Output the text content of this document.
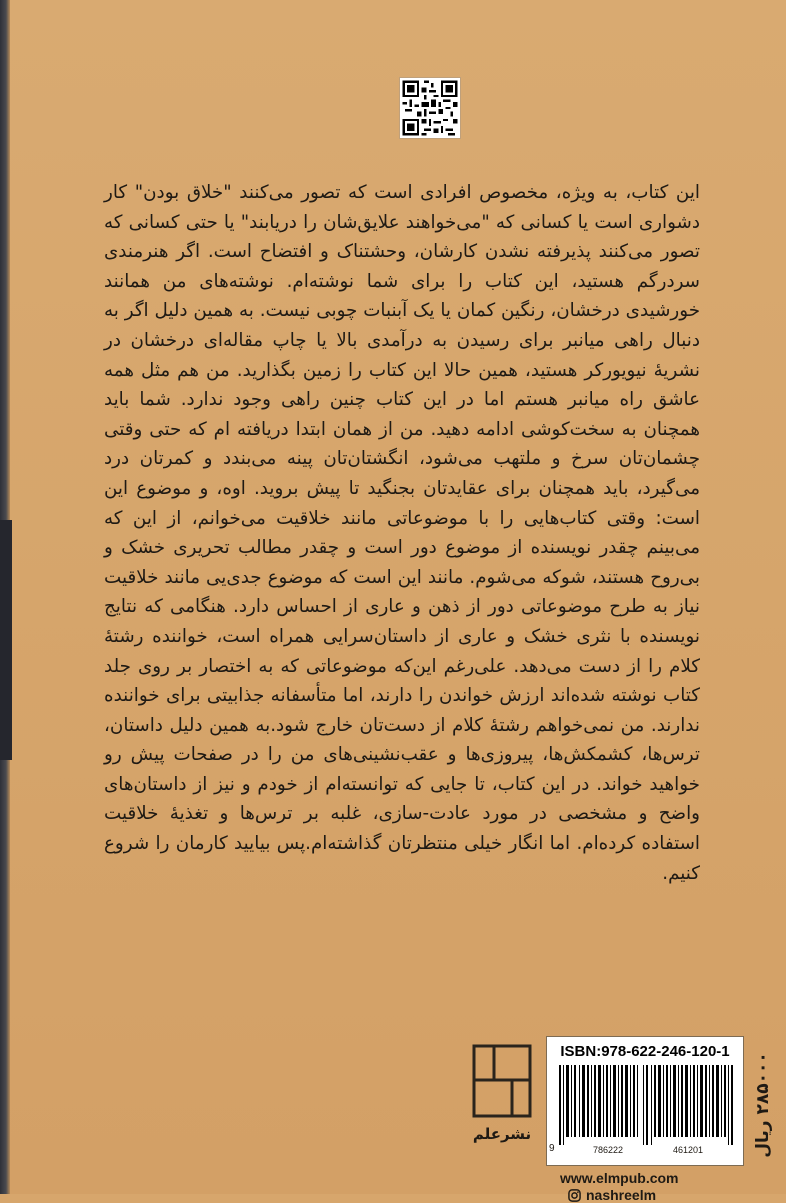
این کتاب، به ویژه، مخصوص افرادی است که تصور می‌کنند "خلاق بودن" کار دشواری است یا کسانی که "می‌خواهند علایق‌شان را دریابند" یا حتی کسانی که تصور می‌کنند پذیرفته نشدن کارشان، وحشتناک و افتضاح است. اگر هنرمندی سردرگم هستید، این کتاب را برای شما نوشته‌ام. نوشته‌های من همانند خورشیدی درخشان، رنگین کمان یا یک آبنبات چوبی نیست. به همین دلیل اگر به دنبال راهی میانبر برای رسیدن به درآمدی بالا یا چاپ مقاله‌ای درخشان در نشریهٔ نیویورکر هستید، همین حالا این کتاب را زمین بگذارید. من هم مثل همه عاشق راه میانبر هستم اما در این کتاب چنین راهی وجود ندارد. شما باید همچنان به سخت‌کوشی ادامه دهید. من از همان ابتدا دریافته ام که حتی وقتی چشمان‌تان سرخ و ملتهب می‌شود، انگشتان‌تان پینه می‌بندد و کمرتان درد می‌گیرد، باید همچنان برای عقایدتان بجنگید تا پیش بروید. اوه، و موضوع این است: وقتی کتاب‌هایی را با موضوعاتی مانند خلاقیت می‌خوانم، از این که می‌بینم چقدر نویسنده از موضوع دور است و چقدر مطالب تحریری خشک و بی‌روح هستند، شوکه می‌شوم. مانند این است که موضوع جدی‌یی مانند خلاقیت نیاز به طرح موضوعاتی دور از ذهن و عاری از احساس دارد. هنگامی که نتایج نویسنده با نثری خشک و عاری از داستان‌سرایی همراه است، خواننده رشتهٔ کلام را از دست می‌دهد. علی‌رغم این‌که موضوعاتی که به اختصار بر روی جلد کتاب نوشته شده‌اند ارزش خواندن را دارند، اما متأسفانه جذابیتی برای خواننده ندارند. من نمی‌خواهم رشتهٔ کلام از دست‌تان خارج شود.به همین دلیل داستان، ترس‌ها، کشمکش‌ها، پیروزی‌ها و عقب‌نشینی‌های من را در صفحات پیش رو خواهید خواند. در این کتاب، تا جایی که توانسته‌ام از خودم و نیز از داستان‌های واضح و مشخصی در مورد عادت-سازی، غلبه بر ترس‌ها و تغذیهٔ خلاقیت استفاده کرده‌ام. اما انگار خیلی منتظرتان گذاشته‌ام.پس بیایید کارمان را شروع کنیم.

نشرعلم
ISBN:978-622-246-120-1
9	786222	461201	۲۸۵۰۰۰ ریال
www.elmpub.com
nashreelm
